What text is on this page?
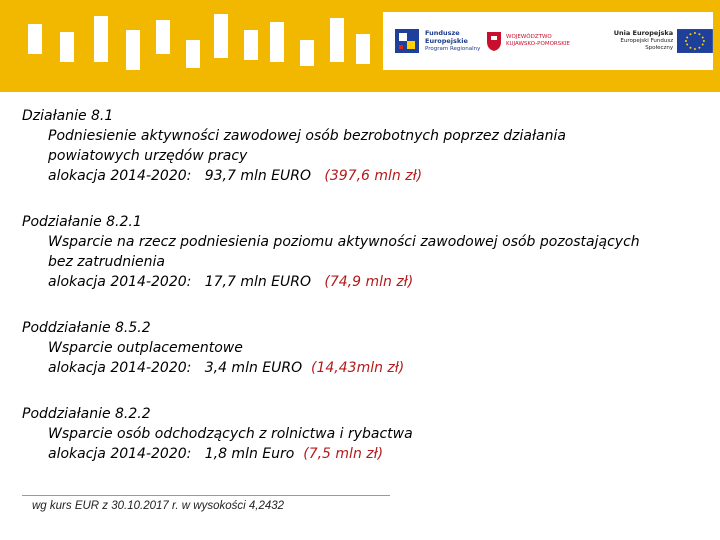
Fundusze
Europejskie
Program Regionalny
WOJEWÓDZTWO
KUJAWSKO-POMORSKIE
Unia Europejska
Europejski Fundusz Społeczny
Działanie 8.1
Podniesienie aktywności zawodowej osób bezrobotnych poprzez działania
powiatowych urzędów pracy
alokacja 2014-2020:   93,7 mln EURO   (397,6 mln zł)
Podziałanie 8.2.1
Wsparcie na rzecz podniesienia poziomu aktywności zawodowej osób pozostających
bez zatrudnienia
alokacja 2014-2020:   17,7 mln EURO   (74,9 mln zł)
Poddziałanie 8.5.2
Wsparcie outplacementowe
alokacja 2014-2020:   3,4 mln EURO  (14,43mln zł)
Poddziałanie 8.2.2
Wsparcie osób odchodzących z rolnictwa i rybactwa
alokacja 2014-2020:   1,8 mln Euro  (7,5 mln zł)
wg kurs EUR z 30.10.2017 r. w wysokości 4,2432
